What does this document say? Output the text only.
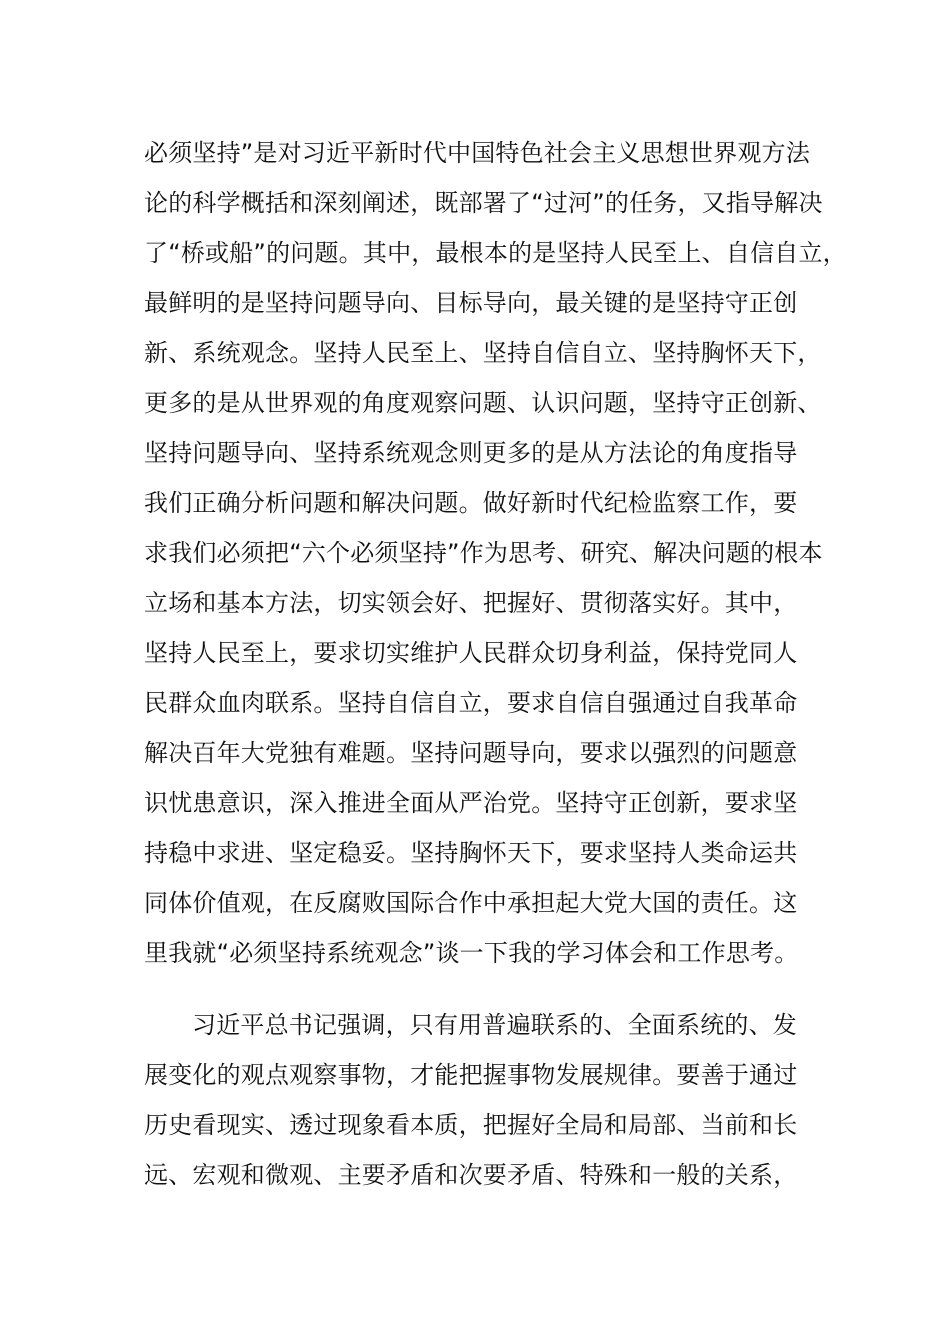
必须坚持”是对习近平新时代中国特色社会主义思想世界观方法
论的科学概括和深刻阐述，既部署了“过河”的任务，又指导解决
了“桥或船”的问题。其中，最根本的是坚持人民至上、自信自立，
最鲜明的是坚持问题导向、目标导向，最关键的是坚持守正创
新、系统观念。坚持人民至上、坚持自信自立、坚持胸怀天下，
更多的是从世界观的角度观察问题、认识问题，坚持守正创新、
坚持问题导向、坚持系统观念则更多的是从方法论的角度指导
我们正确分析问题和解决问题。做好新时代纪检监察工作，要
求我们必须把“六个必须坚持”作为思考、研究、解决问题的根本
立场和基本方法，切实领会好、把握好、贯彻落实好。其中，
坚持人民至上，要求切实维护人民群众切身利益，保持党同人
民群众血肉联系。坚持自信自立，要求自信自强通过自我革命
解决百年大党独有难题。坚持问题导向，要求以强烈的问题意
识忧患意识，深入推进全面从严治党。坚持守正创新，要求坚
持稳中求进、坚定稳妥。坚持胸怀天下，要求坚持人类命运共
同体价值观，在反腐败国际合作中承担起大党大国的责任。这
里我就“必须坚持系统观念”谈一下我的学习体会和工作思考。
习近平总书记强调，只有用普遍联系的、全面系统的、发
展变化的观点观察事物，才能把握事物发展规律。要善于通过
历史看现实、透过现象看本质，把握好全局和局部、当前和长
远、宏观和微观、主要矛盾和次要矛盾、特殊和一般的关系，
